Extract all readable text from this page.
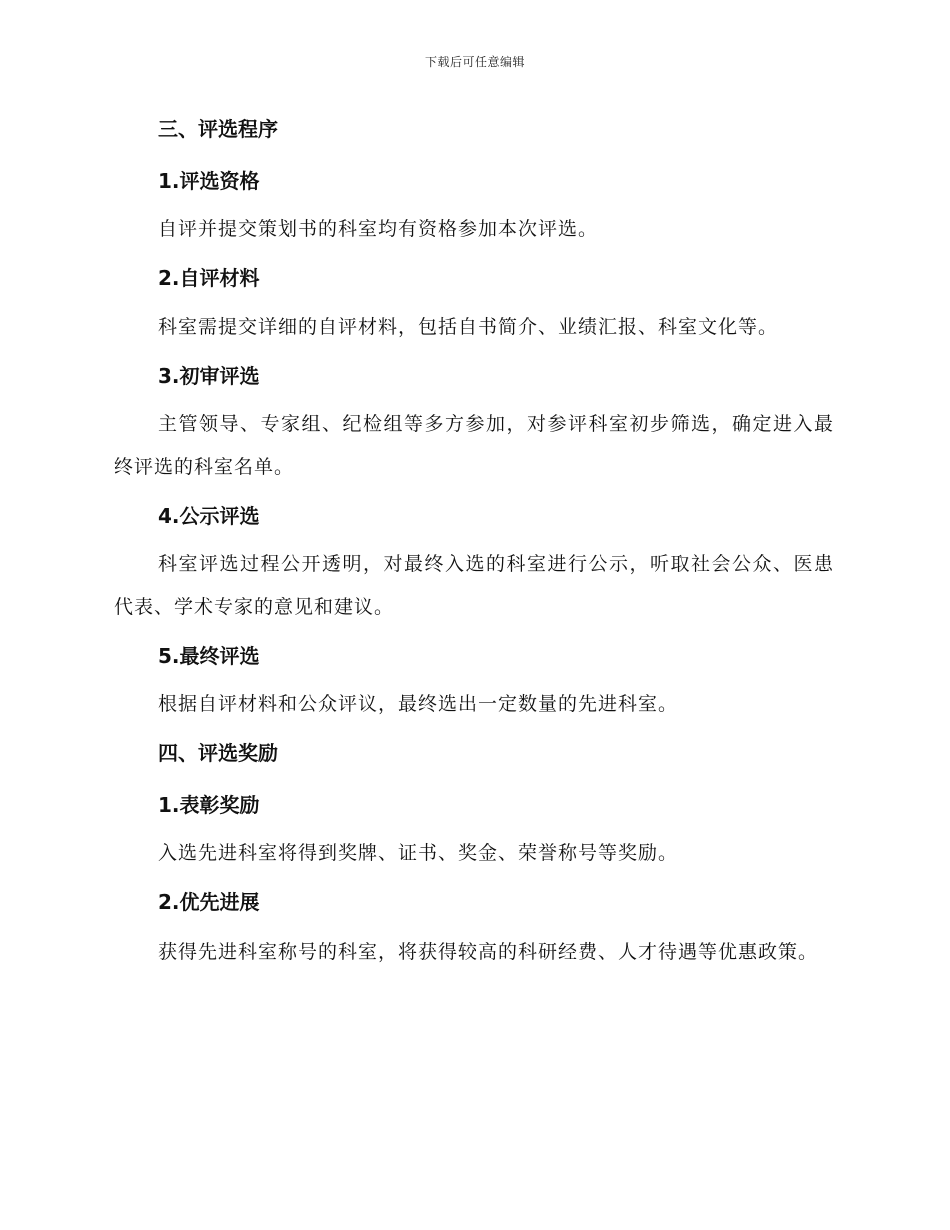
下载后可任意编辑
三、评选程序
1.评选资格

自评并提交策划书的科室均有资格参加本次评选。

2.自评材料

科室需提交详细的自评材料，包括自书简介、业绩汇报、科室文化等。

3.初审评选

主管领导、专家组、纪检组等多方参加，对参评科室初步筛选，确定进入最终评选的科室名单。

4.公示评选

科室评选过程公开透明，对最终入选的科室进行公示，听取社会公众、医患代表、学术专家的意见和建议。

5.最终评选

根据自评材料和公众评议，最终选出一定数量的先进科室。

四、评选奖励
1.表彰奖励

入选先进科室将得到奖牌、证书、奖金、荣誉称号等奖励。

2.优先进展

获得先进科室称号的科室，将获得较高的科研经费、人才待遇等优惠政策。
